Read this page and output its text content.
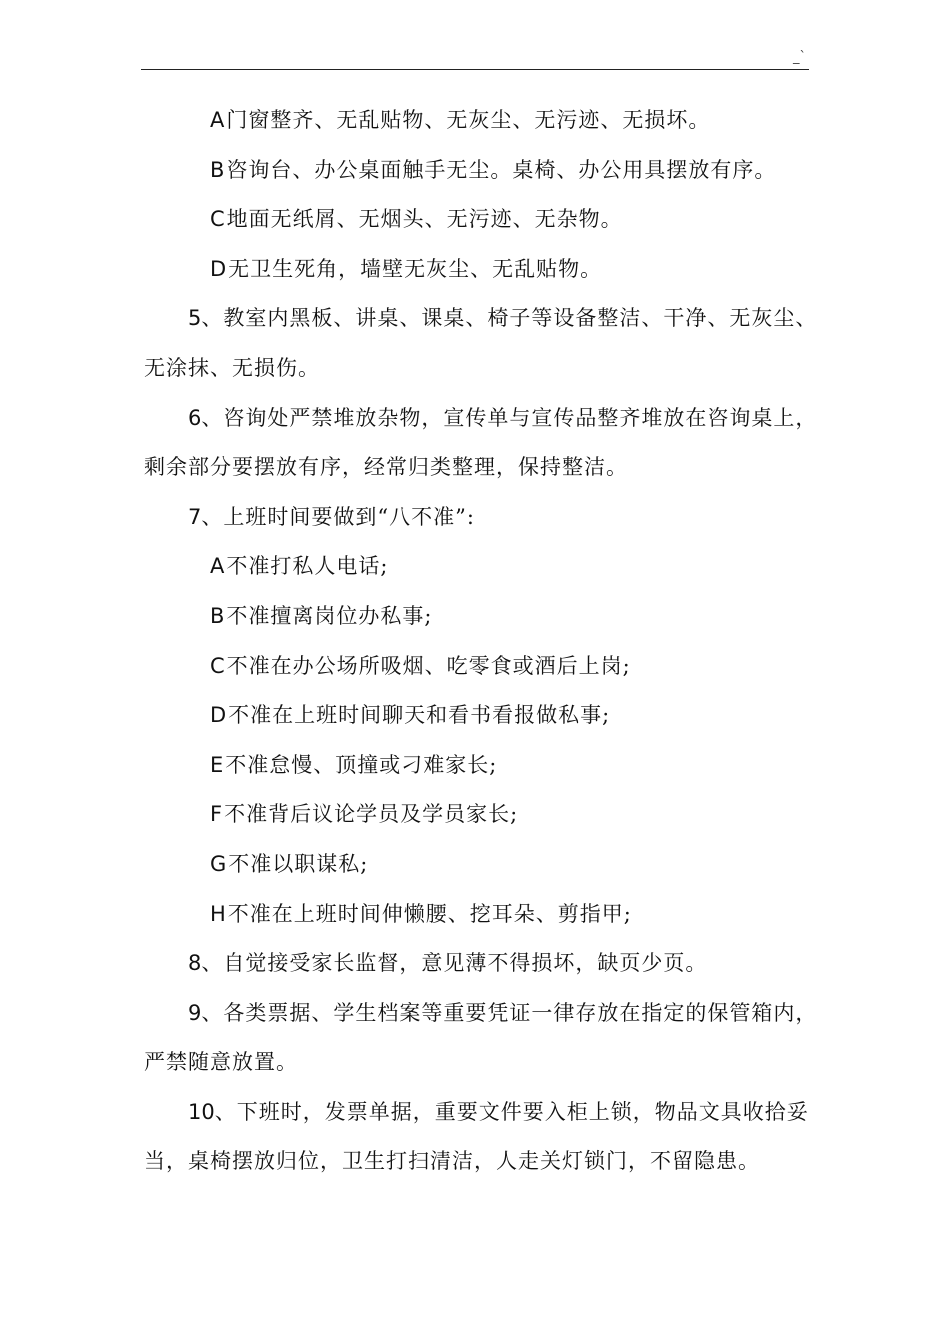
_`
A门窗整齐、无乱贴物、无灰尘、无污迹、无损坏。
B咨询台、办公桌面触手无尘。桌椅、办公用具摆放有序。
C地面无纸屑、无烟头、无污迹、无杂物。
D无卫生死角，墙壁无灰尘、无乱贴物。
5、教室内黑板、讲桌、课桌、椅子等设备整洁、干净、无灰尘、
无涂抹、无损伤。
6、咨询处严禁堆放杂物，宣传单与宣传品整齐堆放在咨询桌上，
剩余部分要摆放有序，经常归类整理，保持整洁。
7、上班时间要做到“八不准”:
A不准打私人电话;
B不准擅离岗位办私事;
C不准在办公场所吸烟、吃零食或酒后上岗;
D不准在上班时间聊天和看书看报做私事;
E不准怠慢、顶撞或刁难家长;
F不准背后议论学员及学员家长;
G不准以职谋私;
H不准在上班时间伸懒腰、挖耳朵、剪指甲;
8、自觉接受家长监督，意见薄不得损坏，缺页少页。
9、各类票据、学生档案等重要凭证一律存放在指定的保管箱内，
严禁随意放置。
10、下班时，发票单据，重要文件要入柜上锁，物品文具收拾妥
当，桌椅摆放归位，卫生打扫清洁，人走关灯锁门，不留隐患。
